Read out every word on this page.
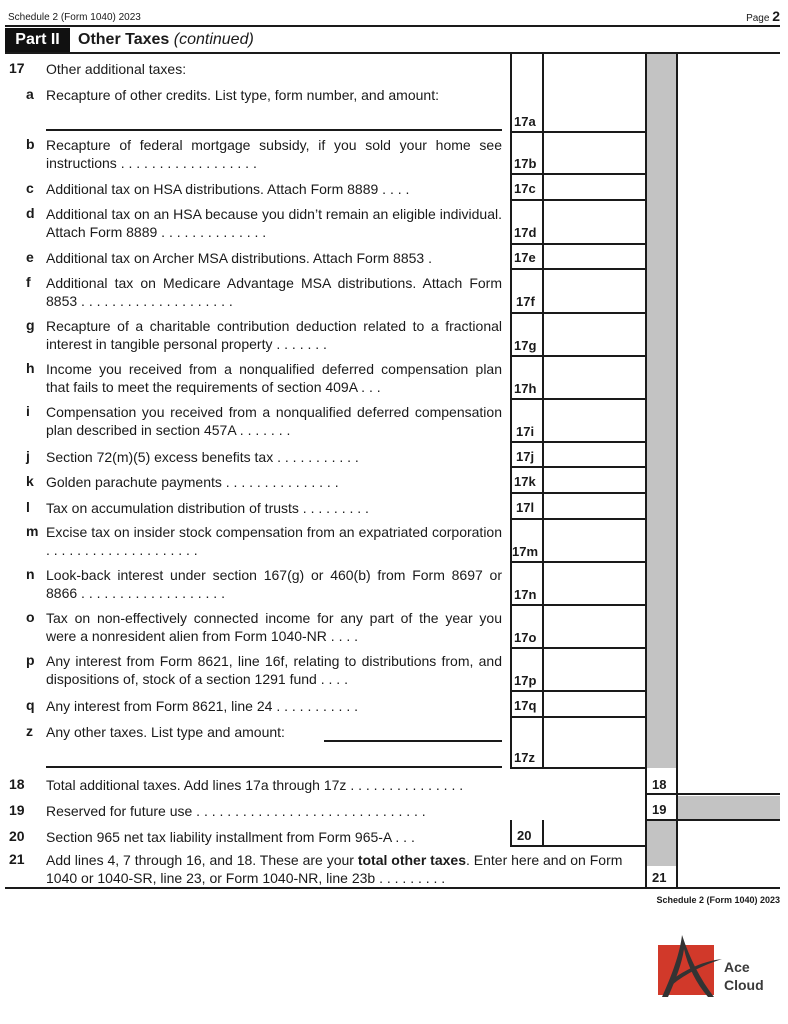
Schedule 2 (Form 1040) 2023	Page 2
Part II	Other Taxes (continued)
17 Other additional taxes:
a Recapture of other credits. List type, form number, and amount:
17a
b Recapture of federal mortgage subsidy, if you sold your home see instructions . . . . . . . . . . . . . . . . . .	17b
c Additional tax on HSA distributions. Attach Form 8889 . . . .	17c
d Additional tax on an HSA because you didn’t remain an eligible individual. Attach Form 8889 . . . . . . . . . . . . . .	17d
e Additional tax on Archer MSA distributions. Attach Form 8853 .	17e
f	Additional tax on Medicare Advantage MSA distributions. Attach Form 8853 . . . . . . . . . . . . . . . . . . . .	17f
g Recapture of a charitable contribution deduction related to a fractional interest in tangible personal property . . . . . . .	17g
h Income you received from a nonqualified deferred compensation plan that fails to meet the requirements of section 409A . . .	17h
i	Compensation you received from a nonqualified deferred compensation plan described in section 457A . . . . . . .	17i
j	Section 72(m)(5) excess benefits tax . . . . . . . . . . .	17j
k Golden parachute payments . . . . . . . . . . . . . . .	17k
l	Tax on accumulation distribution of trusts . . . . . . . . .	17l
m Excise tax on insider stock compensation from an expatriated corporation . . . . . . . . . . . . . . . . . . . .	17m
n Look-back interest under section 167(g) or 460(b) from Form 8697 or 8866 . . . . . . . . . . . . . . . . . . .	17n
o Tax on non-effectively connected income for any part of the year you were a nonresident alien from Form 1040-NR . . . .	17o
p Any interest from Form 8621, line 16f, relating to distributions from, and dispositions of, stock of a section 1291 fund . . . .	17p
q Any interest from Form 8621, line 24 . . . . . . . . . . .	17q
z Any other taxes. List type and amount:
17z
18 Total additional taxes. Add lines 17a through 17z . . . . . . . . . . . . . . .	18
19 Reserved for future use . . . . . . . . . . . . . . . . . . . . . . . . . . . . . .	19
20 Section 965 net tax liability installment from Form 965-A . . .	20
21 Add lines 4, 7 through 16, and 18. These are your total other taxes. Enter here and on Form 1040 or 1040-SR, line 23, or Form 1040-NR, line 23b . . . . . . . . .	21
Schedule 2 (Form 1040) 2023
Ace
Cloud
